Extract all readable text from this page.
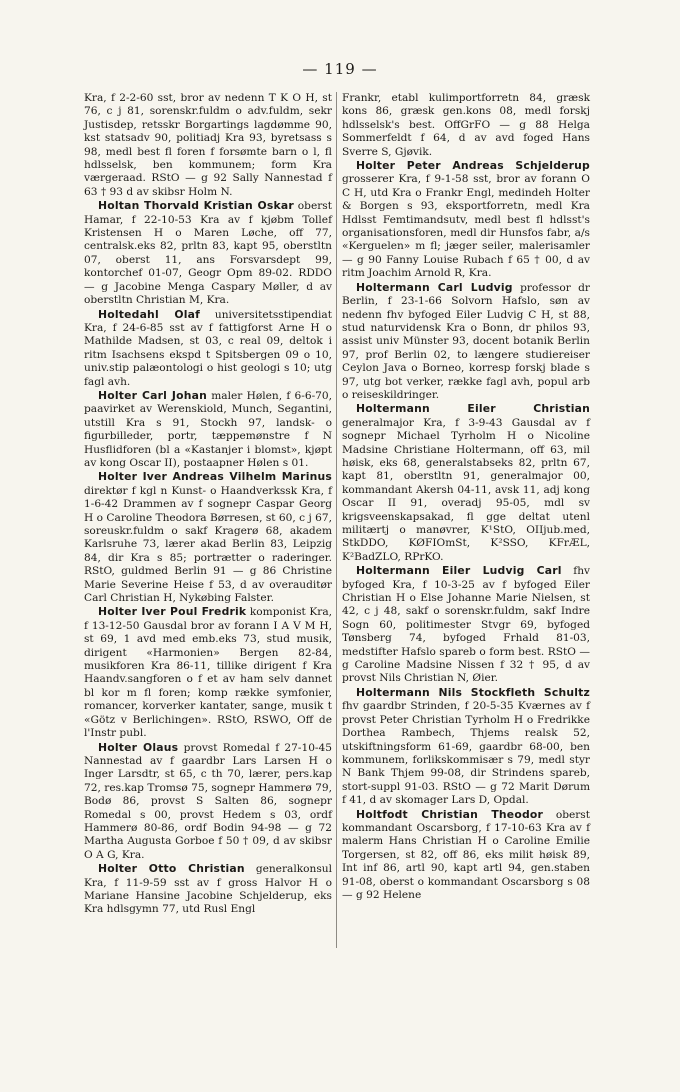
— 119 —

Kra, f 2-2-60 sst, bror av nedenn T K O H, st 76, c j 81, sorenskr.fuldm o adv.fuldm, sekr Justisdep, retsskr Borgartings lagdømme 90, kst statsadv 90, politiadj Kra 93, byretsass s 98, medl best fl foren f forsømte barn o l, fl hdlsselsk, ben kommunem; form Kra værgeraad. RStO — g 92 Sally Nannestad f 63 † 93 d av skibsr Holm N.

Holtan Thorvald Kristian Oskar oberst Hamar, f 22-10-53 Kra av f kjøbm Tollef Kristensen H o Maren Løche, off 77, centralsk.eks 82, prltn 83, kapt 95, oberstltn 07, oberst 11, ans Forsvarsdept 99, kontorchef 01-07, Geogr Opm 89-02. RDDO — g Jacobine Menga Caspary Møller, d av oberstltn Christian M, Kra.

Holtedahl Olaf universitetsstipendiat Kra, f 24-6-85 sst av f fattigforst Arne H o Mathilde Madsen, st 03, c real 09, deltok i ritm Isachsens ekspd t Spitsbergen 09 o 10, univ.stip palæontologi o hist geologi s 10; utg fagl avh.

Holter Carl Johan maler Hølen, f 6-6-70, paavirket av Werenskiold, Munch, Segantini, utstill Kra s 91, Stockh 97, landsk- o figurbilleder, portr, tæppemønstre f N Husflidforen (bl a «Kastanjer i blomst», kjøpt av kong Oscar II), postaapner Hølen s 01.

Holter Iver Andreas Vilhelm Marinus direktør f kgl n Kunst- o Haandverkssk Kra, f 1-6-42 Drammen av f sognepr Caspar Georg H o Caroline Theodora Børresen, st 60, c j 67, soreuskr.fuldm o sakf Kragerø 68, akadem Karlsruhe 73, lærer akad Berlin 83, Leipzig 84, dir Kra s 85; portrætter o raderinger. RStO, guldmed Berlin 91 — g 86 Christine Marie Severine Heise f 53, d av overauditør Carl Christian H, Nykøbing Falster.

Holter Iver Poul Fredrik komponist Kra, f 13-12-50 Gausdal bror av forann I A V M H, st 69, 1 avd med emb.eks 73, stud musik, dirigent «Harmonien» Bergen 82-84, musikforen Kra 86-11, tillike dirigent f Kra Haandv.sangforen o f et av ham selv dannet bl kor m fl foren; komp række symfonier, romancer, korverker kantater, sange, musik t «Götz v Berlichingen». RStO, RSWO, Off de l'Instr publ.

Holter Olaus provst Romedal f 27-10-45 Nannestad av f gaardbr Lars Larsen H o Inger Larsdtr, st 65, c th 70, lærer, pers.kap 72, res.kap Tromsø 75, sognepr Hammerø 79, Bodø 86, provst S Salten 86, sognepr Romedal s 00, provst Hedem s 03, ordf Hammerø 80-86, ordf Bodin 94-98 — g 72 Martha Augusta Gorboe f 50 † 09, d av skibsr O A G, Kra.

Holter Otto Christian generalkonsul Kra, f 11-9-59 sst av f gross Halvor H o Mariane Hansine Jacobine Schjelderup, eks Kra hdlsgymn 77, utd Rusl Engl

Frankr, etabl kulimportforretn 84, græsk kons 86, græsk gen.kons 08, medl forskj hdlsselsk's best. OffGrFO — g 88 Helga Sommerfeldt f 64, d av avd foged Hans Sverre S, Gjøvik.

Holter Peter Andreas Schjelderup grosserer Kra, f 9-1-58 sst, bror av forann O C H, utd Kra o Frankr Engl, medindeh Holter & Borgen s 93, eksportforretn, medl Kra Hdlsst Femtimandsutv, medl best fl hdlsst's organisationsforen, medl dir Hunsfos fabr, a/s «Kerguelen» m fl; jæger seiler, malerisamler — g 90 Fanny Louise Rubach f 65 † 00, d av ritm Joachim Arnold R, Kra.

Holtermann Carl Ludvig professor dr Berlin, f 23-1-66 Solvorn Hafslo, søn av nedenn fhv byfoged Eiler Ludvig C H, st 88, stud naturvidensk Kra o Bonn, dr philos 93, assist univ Münster 93, docent botanik Berlin 97, prof Berlin 02, to længere studiereiser Ceylon Java o Borneo, korresp forskj blade s 97, utg bot verker, række fagl avh, popul arb o reiseskildringer.

Holtermann Eiler Christian generalmajor Kra, f 3-9-43 Gausdal av f sognepr Michael Tyrholm H o Nicoline Madsine Christiane Holtermann, off 63, mil høisk, eks 68, generalstabseks 82, prltn 67, kapt 81, oberstltn 91, generalmajor 00, kommandant Akersh 04-11, avsk 11, adj kong Oscar II 91, overadj 95-05, mdl sv krigsveenskapsakad, fl gge deltat utenl militærtj o manøvrer, K¹StO, OIIjub.med, StkDDO, KØFIOmSt, K²SSO, KFrÆL, K²BadZLO, RPrKO.

Holtermann Eiler Ludvig Carl fhv byfoged Kra, f 10-3-25 av f byfoged Eiler Christian H o Else Johanne Marie Nielsen, st 42, c j 48, sakf o sorenskr.fuldm, sakf Indre Sogn 60, politimester Stvgr 69, byfoged Tønsberg 74, byfoged Frhald 81-03, medstifter Hafslo spareb o form best. RStO — g Caroline Madsine Nissen f 32 † 95, d av provst Nils Christian N, Øier.

Holtermann Nils Stockfleth Schultz fhv gaardbr Strinden, f 20-5-35 Kværnes av f provst Peter Christian Tyrholm H o Fredrikke Dorthea Rambech, Thjems realsk 52, utskiftningsform 61-69, gaardbr 68-00, ben kommunem, forlikskommisær s 79, medl styr N Bank Thjem 99-08, dir Strindens spareb, stort-suppl 91-03. RStO — g 72 Marit Dørum f 41, d av skomager Lars D, Opdal.

Holtfodt Christian Theodor oberst kommandant Oscarsborg, f 17-10-63 Kra av f malerm Hans Christian H o Caroline Emilie Torgersen, st 82, off 86, eks milit høisk 89, Int inf 86, artl 90, kapt artl 94, gen.staben 91-08, oberst o kommandant Oscarsborg s 08 — g 92 Helene
